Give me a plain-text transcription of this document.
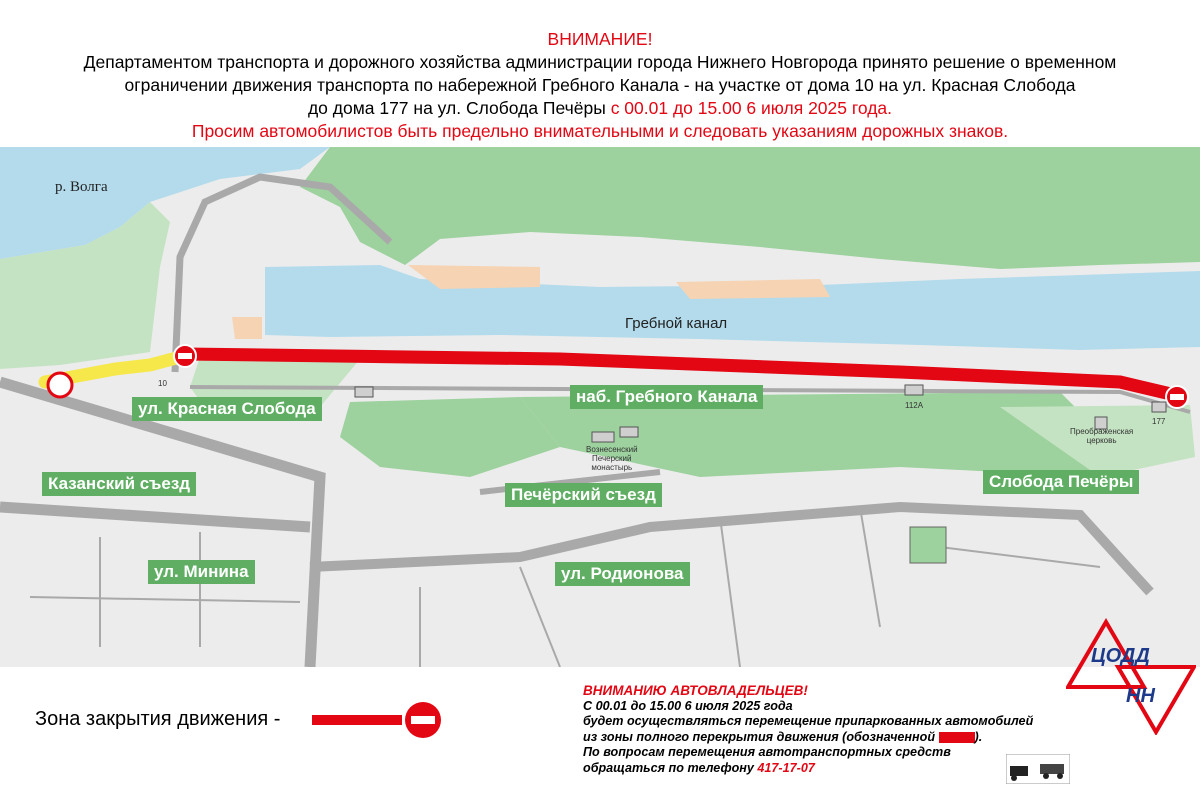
ВНИМАНИЕ!
Департаментом транспорта и дорожного хозяйства администрации города Нижнего Новгорода принято решение о временном
ограничении движения транспорта по набережной Гребного Канала - на участке от дома 10 на ул. Красная Слобода
до дома 177 на ул. Слобода Печёры с 00.01 до 15.00 6 июля 2025 года.
Просим автомобилистов быть предельно внимательными и следовать указаниям дорожных знаков.
р. Волга
Гребной канал
10
112А
177
Вознесенский
Печерский
монастырь
Преображенская
церковь
ул. Красная Слобода
наб. Гребного Канала
Казанский съезд
Печёрский съезд
Слобода Печёры
ул. Минина	ул. Родионова
Зона закрытия движения -
ВНИМАНИЮ АВТОВЛАДЕЛЬЦЕВ!
С 00.01 до 15.00 6 июля 2025 года
будет осуществляться перемещение припаркованных автомобилей
из зоны полного перекрытия движения (обозначенной	).
По вопросам перемещения автотранспортных средств
обращаться по телефону 417-17-07
ЦОДД
НН
